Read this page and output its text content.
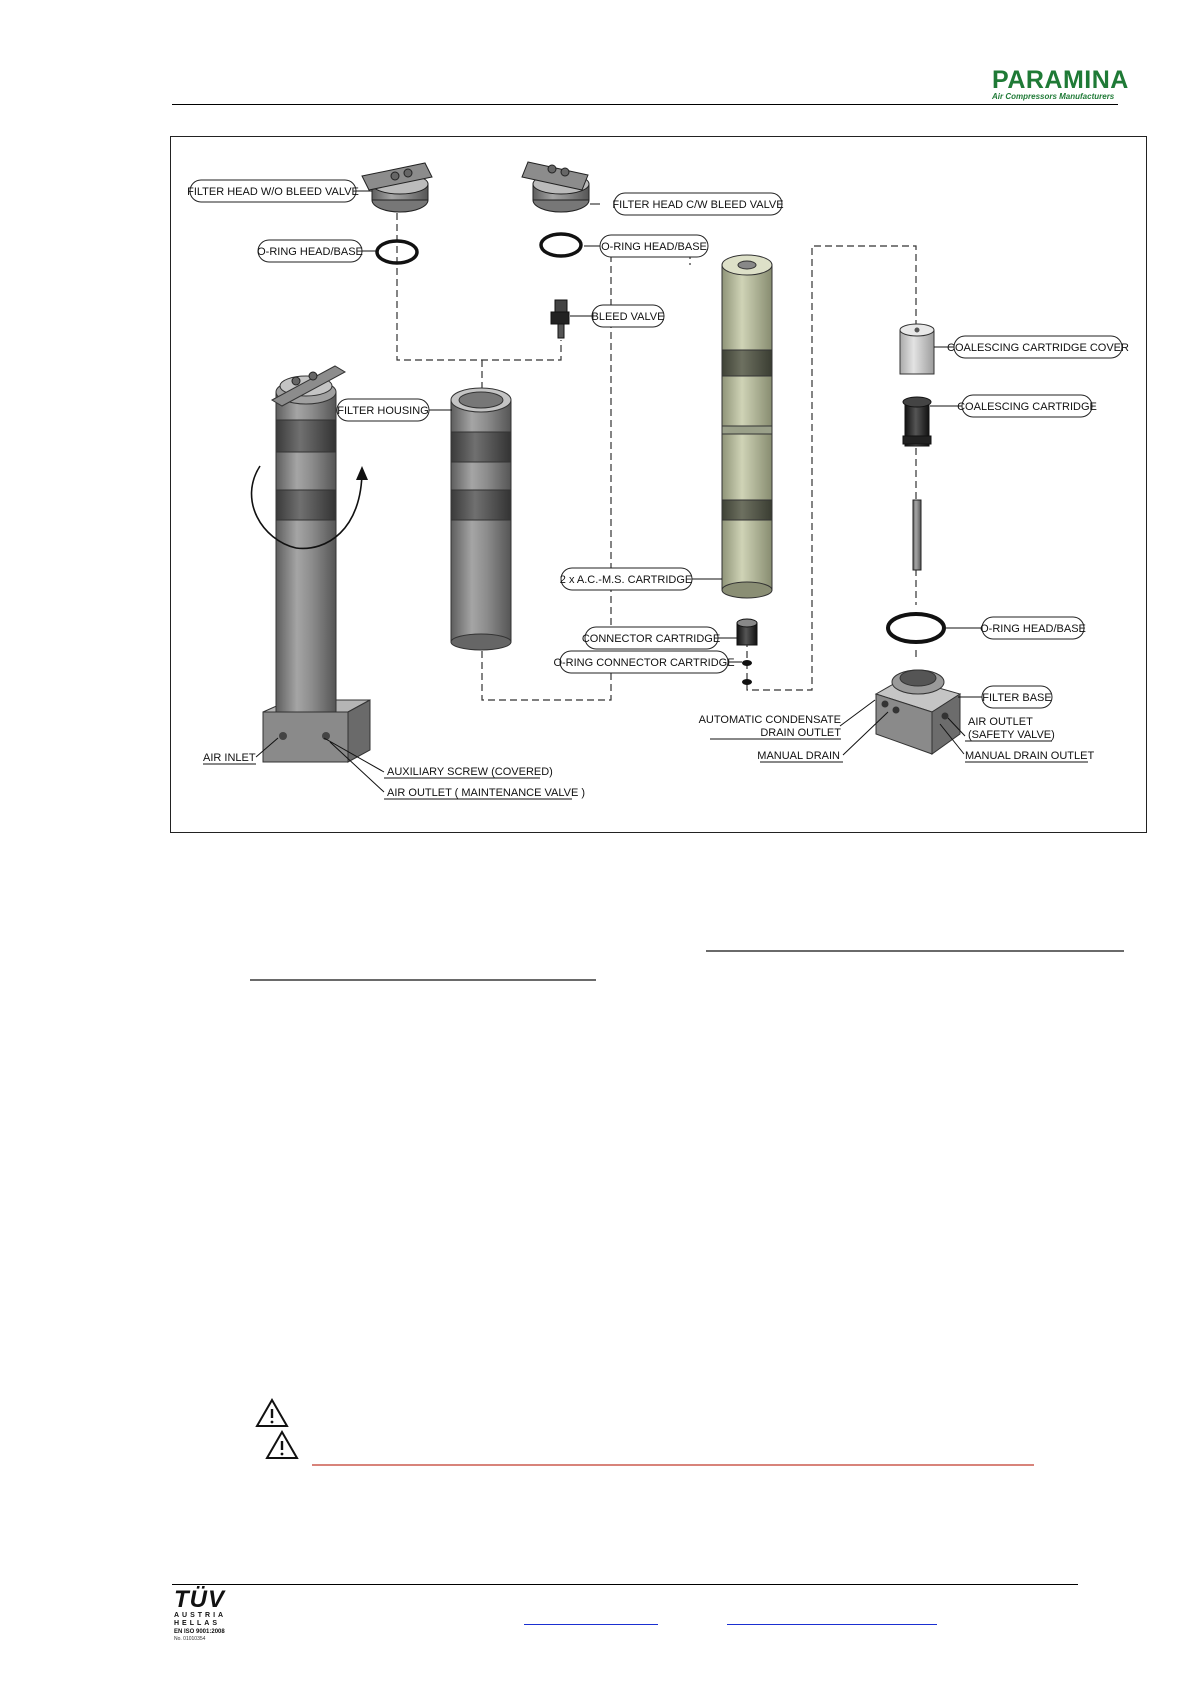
PARAMINA
Air Compressors Manufacturers
FILTER HEAD W/O BLEED VALVE
O-RING HEAD/BASE
FILTER HEAD C/W BLEED VALVE
O-RING HEAD/BASE
BLEED VALVE
FILTER HOUSING
COALESCING CARTRIDGE COVER
COALESCING CARTRIDGE
2 x A.C.-M.S. CARTRIDGE
CONNECTOR CARTRIDGE
O-RING CONNECTOR CARTRIDGE
O-RING HEAD/BASE
FILTER BASE
AUTOMATIC CONDENSATE
DRAIN OUTLET
AIR OUTLET
(SAFETY VALVE)
MANUAL DRAIN	MANUAL DRAIN OUTLET
AIR INLET
AUXILIARY SCREW (COVERED)
AIR OUTLET ( MAINTENANCE VALVE )
TÜV
AUSTRIA
HELLAS
EN ISO 9001:2008
No. 01010354
